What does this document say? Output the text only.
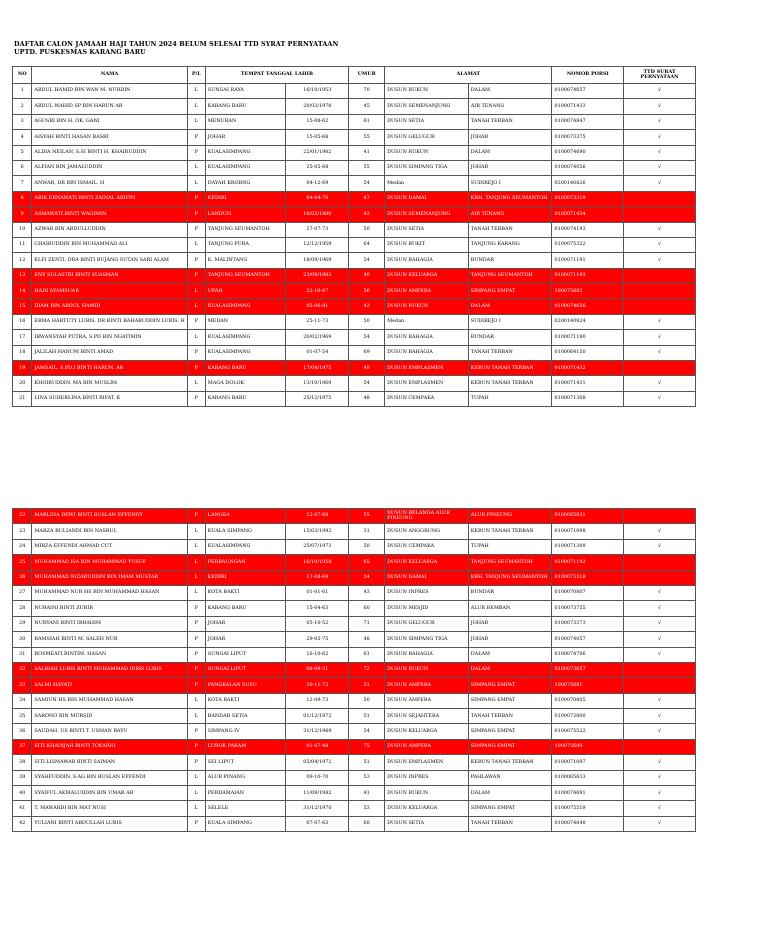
DAFTAR CALON JAMAAH HAJI TAHUN 2024 BELUM SELESAI TTD SYRAT PERNYATAAN
UPTD. PUSKESMAS KARANG BARU
NO	NAMA	P/L	TEMPAT TANGGAL LAHIR		UMUR	ALAMAT		NOMOR PORSI	TTD SURAT PERNYATAAN
1	ABDUL HAMID BIN WAN M. NURDIN	L	SUNGAI RAYA	16/10/1953	70	DUSUN RUKUN	DALAM	0100074657	√
2	ABDUL WAHID SP BIN HARUN AR	L	KARANG BARU	20/03/1978	45	DUSUN SEMENANJUNG	AIR TENANG	0100071433	√
3	AGUSRI BIN H. OK. GANI	L	MENURAN	15-08-62	61	DUSUN SETIA	TANAH TERBAN	0100074847	√
4	AISYAH BINTI HASAN BASRI	P	JOHAR	15-05-68	55	DUSUN GELUGUR	JOHAR	0100073375	√
5	ALDIA NEILAN, S.SI BINTI H. KHAIRUDDIN	P	KUALASIMPANG	22/01/1982	41	DUSUN RUKUN	DALAM	0100074690	√
6	ALFIAN BIN JAMALUDDIN	L	KUALASIMPANG	25-05-68	55	DUSUN SIMPANG TIGA	JOHAR	0100074056	√
7	ANWAR, DR BIN ISMAIL. H	L	DAYAH KROBNG	04-12-69	54	Medan	SUDIREJO I	0200140826	√
8	ARIK ERNAWATI BINTI ZAINAL ARIFIN	P	KEDIRI	04-04-76	47	DUSUN DAMAI	KBH. TANJUNG SEUMANTOH	0100073319	
9	ASMAWATI BINTI WAGIMIN	P	LANDUH	16/02/1980	43	DUSUN SEMENANJUNG	AIR TENANG	0100071434	
10	AZWAR BIN ABDULLUDDIN	P	TANJUNG SEUMANTOH	27-07-73	50	DUSUN SETIA	TANAH TERBAN	0100074193	√
11	CHAIRUDDIN BIN MUHAMMAD ALI	L	TANJUNG PURA	12/12/1959	64	DUSUN BUKIT	TANJUNG KARANG	0100075322	√
12	ELFI ZENTI, DRA BINTI BUJANG SUTAN SARI ALAM	P	K. MALINTANG	18/09/1969	54	DUSUN BAHAGIA	BUNDAR	0100071191	√
13	ENY SULASTRI BINTI SUASMAN	P	TANJUNG SEUMANTOH	23/09/1983	40	DUSUN KELUARGA	TANJUNG SEUMANTOH	0100071193	
14	HADI SYAMSUAR	L	UPAH	22-10-67	56	DUSUN AMPERA	SIMPANG EMPAT	100075682	
15	IDAM BIN ABDUL HAMID	L	KUALASIMPANG	05-06-81	42	DUSUN RUKUN	DALAM	0100074656	
16	ERMA HARTUTY LUBIS. DR BINTI BAHARUDDIN LUBIS. H	P	MEDAN	25-11-73	50	Medan	SUDIREJO I	0200140824	√
17	IRWANSYAH PUTRA, S.PD BIN NGATIMIN	L	KUALASIMPANG	20/02/1969	54	DUSUN BAHAGIA	BUNDAR	0100071190	√
18	JALILAH HANUM BINTI AMAD	P	KUALASIMPANG	01-07-54	69	DUSUN BAHAGIA	TANAH TERBAN	0100064150	√
19	JAMSAIL, S.PD.I BINTI HARUN. AR	P	KARANG BARU	17/04/1975	48	DUSUN EMPLASMEN	KEBUN TANAH TERBAN	0100071432	
20	KHOIRUDDIN. MA BIN MUSLIM	L	MAGA DOLOK	13/10/1969	54	DUSUN EMPLASMEN	KEBUN TANAH TERBAN	0100071431	√
21	LINA SUHERLINA BINTI RIFAT. K	P	KARANG BARU	25/12/1975	48	DUSUN CEMPAKA	TUPAH	0100071308	√
22	MARLINA DEWI BINTI RUSLAN EFFENDY	P	LANGSA	12-07-68	55	DUSUN BELANGA ALUR PINEUNG	ALUR PINEUNG	0100065631	
23	MARZA RULIANDI BIN NASRUL	L	KUALA SIMPANG	15/03/1992	31	DUSUN ANGGRUNG	KEBUN TANAH TERBAN	0100071098	√
24	MIRZA EFFENDI AHMAD CUT	L	KUALASIMPANG	25/07/1973	50	DUSUN CEMPAKA	TUPAH	0100071309	√
25	MUHAMMAD ISA BIN MUHAMMAD YUSUF	L	PERBAUNGAN	16/10/1958	65	DUSUN KELUARGA	TANJUNG SEUMANTOH	0100071192	
26	MUHAMMAD NIZARUDDIN BIN IMAM MUSTAR	L	KEDIRI	17-08-69	54	DUSUN DAMAI	KBH. TANJUNG SEUMANTOH	0100073318	
27	MUHAMMAD NUR HS BIN MUHAMMAD HASAN	L	KOTA BAKTI	01-01-61	43	DUSUN INPRES	BUNDAR	0100070807	√
28	NURAINI BINTI ZUBIR	P	KARANG BARU	15-04-63	60	DUSUN MESJID	ALUR BEMBAN	0100073755	√
29	NURYANI BINTI IBRAHIM	P	JOHAR	05-10-52	71	DUSUN GELUGUR	JOHAR	0100073373	√
30	RAMSIAH BINTI M. SALEH NUR	P	JOHAR	29-05-75	48	DUSUN SIMPANG TIGA	JOHAR	0100074057	√
31	ROSMEATI BINTIM. HASAN	P	SUNGAI LIPUT	16-10-62	61	DUSUN BAHAGIA	DALAM	0100074706	√
32	SALBIAH LUBIS BINTI MUHAMMAD IDRIS LUBIS	P	SUNGAI LIPUT	08-09-51	72	DUSUN RUKUN	DALAM	0100073657	
33	SALMI HAYATI	P	PANGKALAN SUSU	20-11-72	51	DUSUN AMPERA	SIMPANG EMPAT	100075681	
34	SAMIUN HS BIN MUHAMMAD HASAN	L	KOTA BAKTI	12-09-73	50	DUSUN AMPERA	SIMPANG EMPAT	0100070805	√
35	SARONO BIN MURSID	L	BANDAR SETIA	01/12/1972	51	DUSUN SEJAHTERA	TANAH TERBAN	0100072800	√
36	SAUDAH. US BINTI T. USMAN BAYU	P	SIMPANG IV	31/12/1969	54	DUSUN KELUARGA	SIMPANG EMPAT	0100075522	√
37	SITI KHADIJAH BINTI TOKARIO	P	LUBOK PAKAM	01-07-48	75	DUSUN AMPERA	SIMPANG EMPAT	100075690	
38	SITI LISMAWAR BINTI SAIMAN	P	SEI LIPUT	05/04/1972	51	DUSUN EMPLASMEN	KEBUN TANAH TERBAN	0100071097	√
39	SYAHFUDDIN, S.AG BIN RUSLAN EFFENDI	L	ALUR PINANG	09-10-70	53	DUSUN INPRES	PAHLAWAN	0100065633	√
40	SYAIFUL AKMALUDDIN BIN UMAR AB	L	PERDAMAIAN	11/09/1982	41	DUSUN RUKUN	DALAM	0100074691	√
41	T. MAWARDI BIN MAT NUSI	L	SELELE	31/12/1970	53	DUSUN KELUARGA	SIMPANG EMPAT	0100075519	√
42	YULIANI BINTI ABDULLAH LUBIS	P	KUALA SIMPANG	07-07-63	60	DUSUN SETIA	TANAH TERBAN	0100074848	√
